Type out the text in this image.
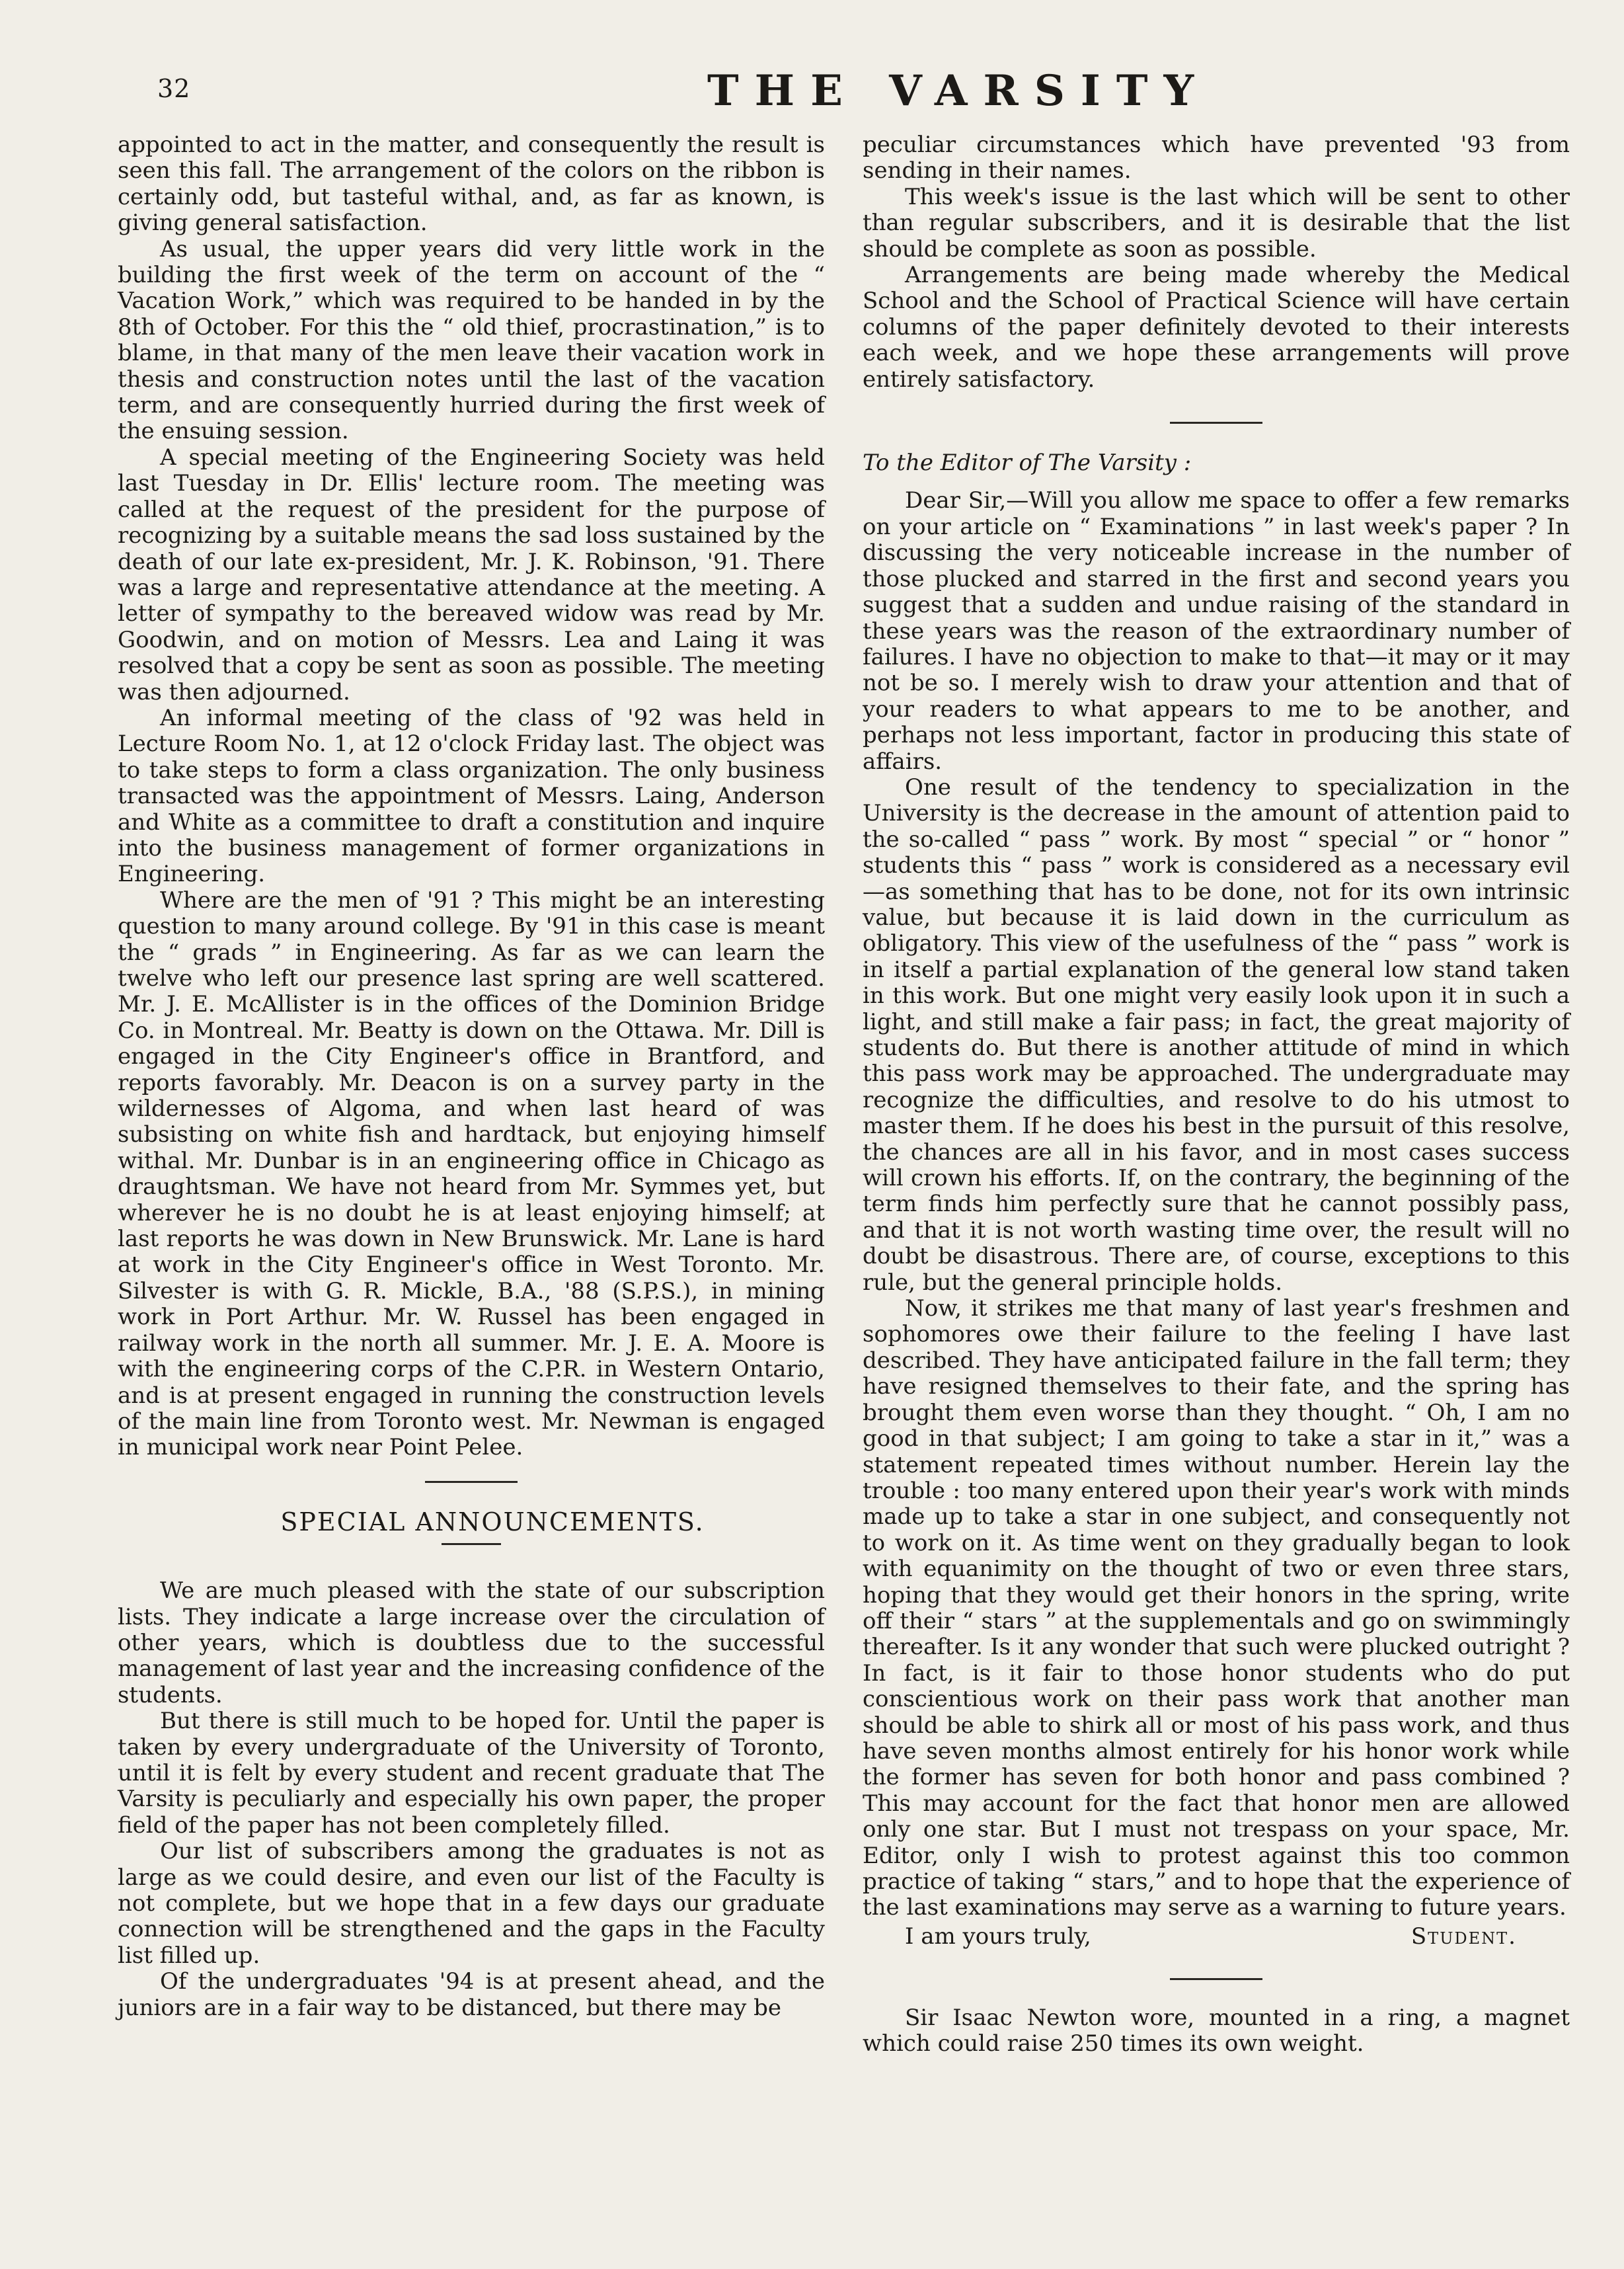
32	THE VARSITY

appointed to act in the matter, and consequently the result is seen this fall. The arrangement of the colors on the ribbon is certainly odd, but tasteful withal, and, as far as known, is giving general satisfaction.

As usual, the upper years did very little work in the building the first week of the term on account of the “ Vacation Work,” which was required to be handed in by the 8th of October. For this the “ old thief, procrastination,” is to blame, in that many of the men leave their vacation work in thesis and construction notes until the last of the vacation term, and are consequently hurried during the first week of the ensuing session.

A special meeting of the Engineering Society was held last Tuesday in Dr. Ellis' lecture room. The meeting was called at the request of the president for the purpose of recognizing by a suitable means the sad loss sustained by the death of our late ex-president, Mr. J. K. Robinson, '91. There was a large and representative attendance at the meeting. A letter of sympathy to the bereaved widow was read by Mr. Goodwin, and on motion of Messrs. Lea and Laing it was resolved that a copy be sent as soon as possible. The meeting was then adjourned.

An informal meeting of the class of '92 was held in Lecture Room No. 1, at 12 o'clock Friday last. The object was to take steps to form a class organization. The only business transacted was the appointment of Messrs. Laing, Anderson and White as a committee to draft a constitution and inquire into the business management of former organizations in Engineering.

Where are the men of '91 ? This might be an interesting question to many around college. By '91 in this case is meant the “ grads ” in Engineering. As far as we can learn the twelve who left our presence last spring are well scattered. Mr. J. E. McAllister is in the offices of the Dominion Bridge Co. in Montreal. Mr. Beatty is down on the Ottawa. Mr. Dill is engaged in the City Engineer's office in Brantford, and reports favorably. Mr. Deacon is on a survey party in the wildernesses of Algoma, and when last heard of was subsisting on white fish and hardtack, but enjoying himself withal. Mr. Dunbar is in an engineering office in Chicago as draughtsman. We have not heard from Mr. Symmes yet, but wherever he is no doubt he is at least enjoying himself; at last reports he was down in New Brunswick. Mr. Lane is hard at work in the City Engineer's office in West Toronto. Mr. Silvester is with G. R. Mickle, B.A., '88 (S.P.S.), in mining work in Port Arthur. Mr. W. Russel has been engaged in railway work in the north all summer. Mr. J. E. A. Moore is with the engineering corps of the C.P.R. in Western Ontario, and is at present engaged in running the construction levels of the main line from Toronto west. Mr. Newman is engaged in municipal work near Point Pelee.

SPECIAL ANNOUNCEMENTS.

We are much pleased with the state of our subscription lists. They indicate a large increase over the circulation of other years, which is doubtless due to the successful management of last year and the increasing confidence of the students.

But there is still much to be hoped for. Until the paper is taken by every undergraduate of the University of Toronto, until it is felt by every student and recent graduate that The Varsity is peculiarly and especially his own paper, the proper field of the paper has not been completely filled.

Our list of subscribers among the graduates is not as large as we could desire, and even our list of the Faculty is not complete, but we hope that in a few days our graduate connection will be strengthened and the gaps in the Faculty list filled up.

Of the undergraduates '94 is at present ahead, and the juniors are in a fair way to be distanced, but there may be

peculiar circumstances which have prevented '93 from sending in their names.

This week's issue is the last which will be sent to other than regular subscribers, and it is desirable that the list should be complete as soon as possible.

Arrangements are being made whereby the Medical School and the School of Practical Science will have certain columns of the paper definitely devoted to their interests each week, and we hope these arrangements will prove entirely satisfactory.

To the Editor of The Varsity :

Dear Sir,—Will you allow me space to offer a few remarks on your article on “ Examinations ” in last week's paper ? In discussing the very noticeable increase in the number of those plucked and starred in the first and second years you suggest that a sudden and undue raising of the standard in these years was the reason of the extraordinary number of failures. I have no objection to make to that—it may or it may not be so. I merely wish to draw your attention and that of your readers to what appears to me to be another, and perhaps not less important, factor in producing this state of affairs.

One result of the tendency to specialization in the University is the decrease in the amount of attention paid to the so-called “ pass ” work. By most “ special ” or “ honor ” students this “ pass ” work is considered as a necessary evil—as something that has to be done, not for its own intrinsic value, but because it is laid down in the curriculum as obligatory. This view of the usefulness of the “ pass ” work is in itself a partial explanation of the general low stand taken in this work. But one might very easily look upon it in such a light, and still make a fair pass; in fact, the great majority of students do. But there is another attitude of mind in which this pass work may be approached. The undergraduate may recognize the difficulties, and resolve to do his utmost to master them. If he does his best in the pursuit of this resolve, the chances are all in his favor, and in most cases success will crown his efforts. If, on the contrary, the beginning of the term finds him perfectly sure that he cannot possibly pass, and that it is not worth wasting time over, the result will no doubt be disastrous. There are, of course, exceptions to this rule, but the general principle holds.

Now, it strikes me that many of last year's freshmen and sophomores owe their failure to the feeling I have last described. They have anticipated failure in the fall term; they have resigned themselves to their fate, and the spring has brought them even worse than they thought. “ Oh, I am no good in that subject; I am going to take a star in it,” was a statement repeated times without number. Herein lay the trouble : too many entered upon their year's work with minds made up to take a star in one subject, and consequently not to work on it. As time went on they gradually began to look with equanimity on the thought of two or even three stars, hoping that they would get their honors in the spring, write off their “ stars ” at the supplementals and go on swimmingly thereafter. Is it any wonder that such were plucked outright ? In fact, is it fair to those honor students who do put conscientious work on their pass work that another man should be able to shirk all or most of his pass work, and thus have seven months almost entirely for his honor work while the former has seven for both honor and pass combined ? This may account for the fact that honor men are allowed only one star. But I must not trespass on your space, Mr. Editor, only I wish to protest against this too common practice of taking “ stars,” and to hope that the experience of the last examinations may serve as a warning to future years.

I am yours truly,	Student.

Sir Isaac Newton wore, mounted in a ring, a magnet which could raise 250 times its own weight.
